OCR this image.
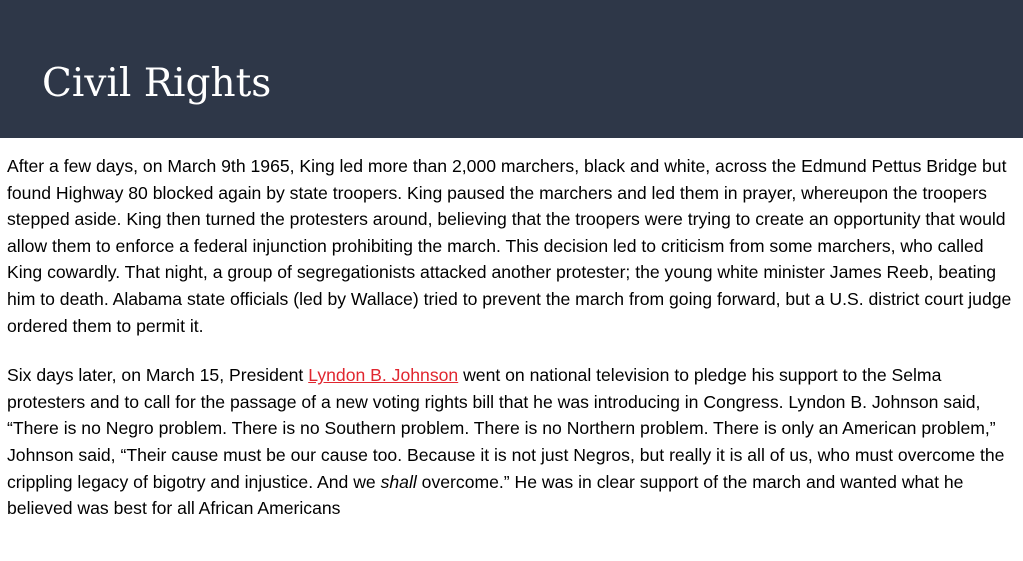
Civil Rights

After a few days, on March 9th 1965, King led more than 2,000 marchers, black and white, across the Edmund Pettus Bridge but found Highway 80 blocked again by state troopers. King paused the marchers and led them in prayer, whereupon the troopers stepped aside. King then turned the protesters around, believing that the troopers were trying to create an opportunity that would allow them to enforce a federal injunction prohibiting the march. This decision led to criticism from some marchers, who called King cowardly. That night, a group of segregationists attacked another protester; the young white minister James Reeb, beating him to death. Alabama state officials (led by Wallace) tried to prevent the march from going forward, but a U.S. district court judge ordered them to permit it.

Six days later, on March 15, President Lyndon B. Johnson went on national television to pledge his support to the Selma protesters and to call for the passage of a new voting rights bill that he was introducing in Congress. Lyndon B. Johnson said, “There is no Negro problem. There is no Southern problem. There is no Northern problem. There is only an American problem,” Johnson said, “Their cause must be our cause too. Because it is not just Negros, but really it is all of us, who must overcome the crippling legacy of bigotry and injustice. And we shall overcome.” He was in clear support of the march and wanted what he believed was best for all African Americans
